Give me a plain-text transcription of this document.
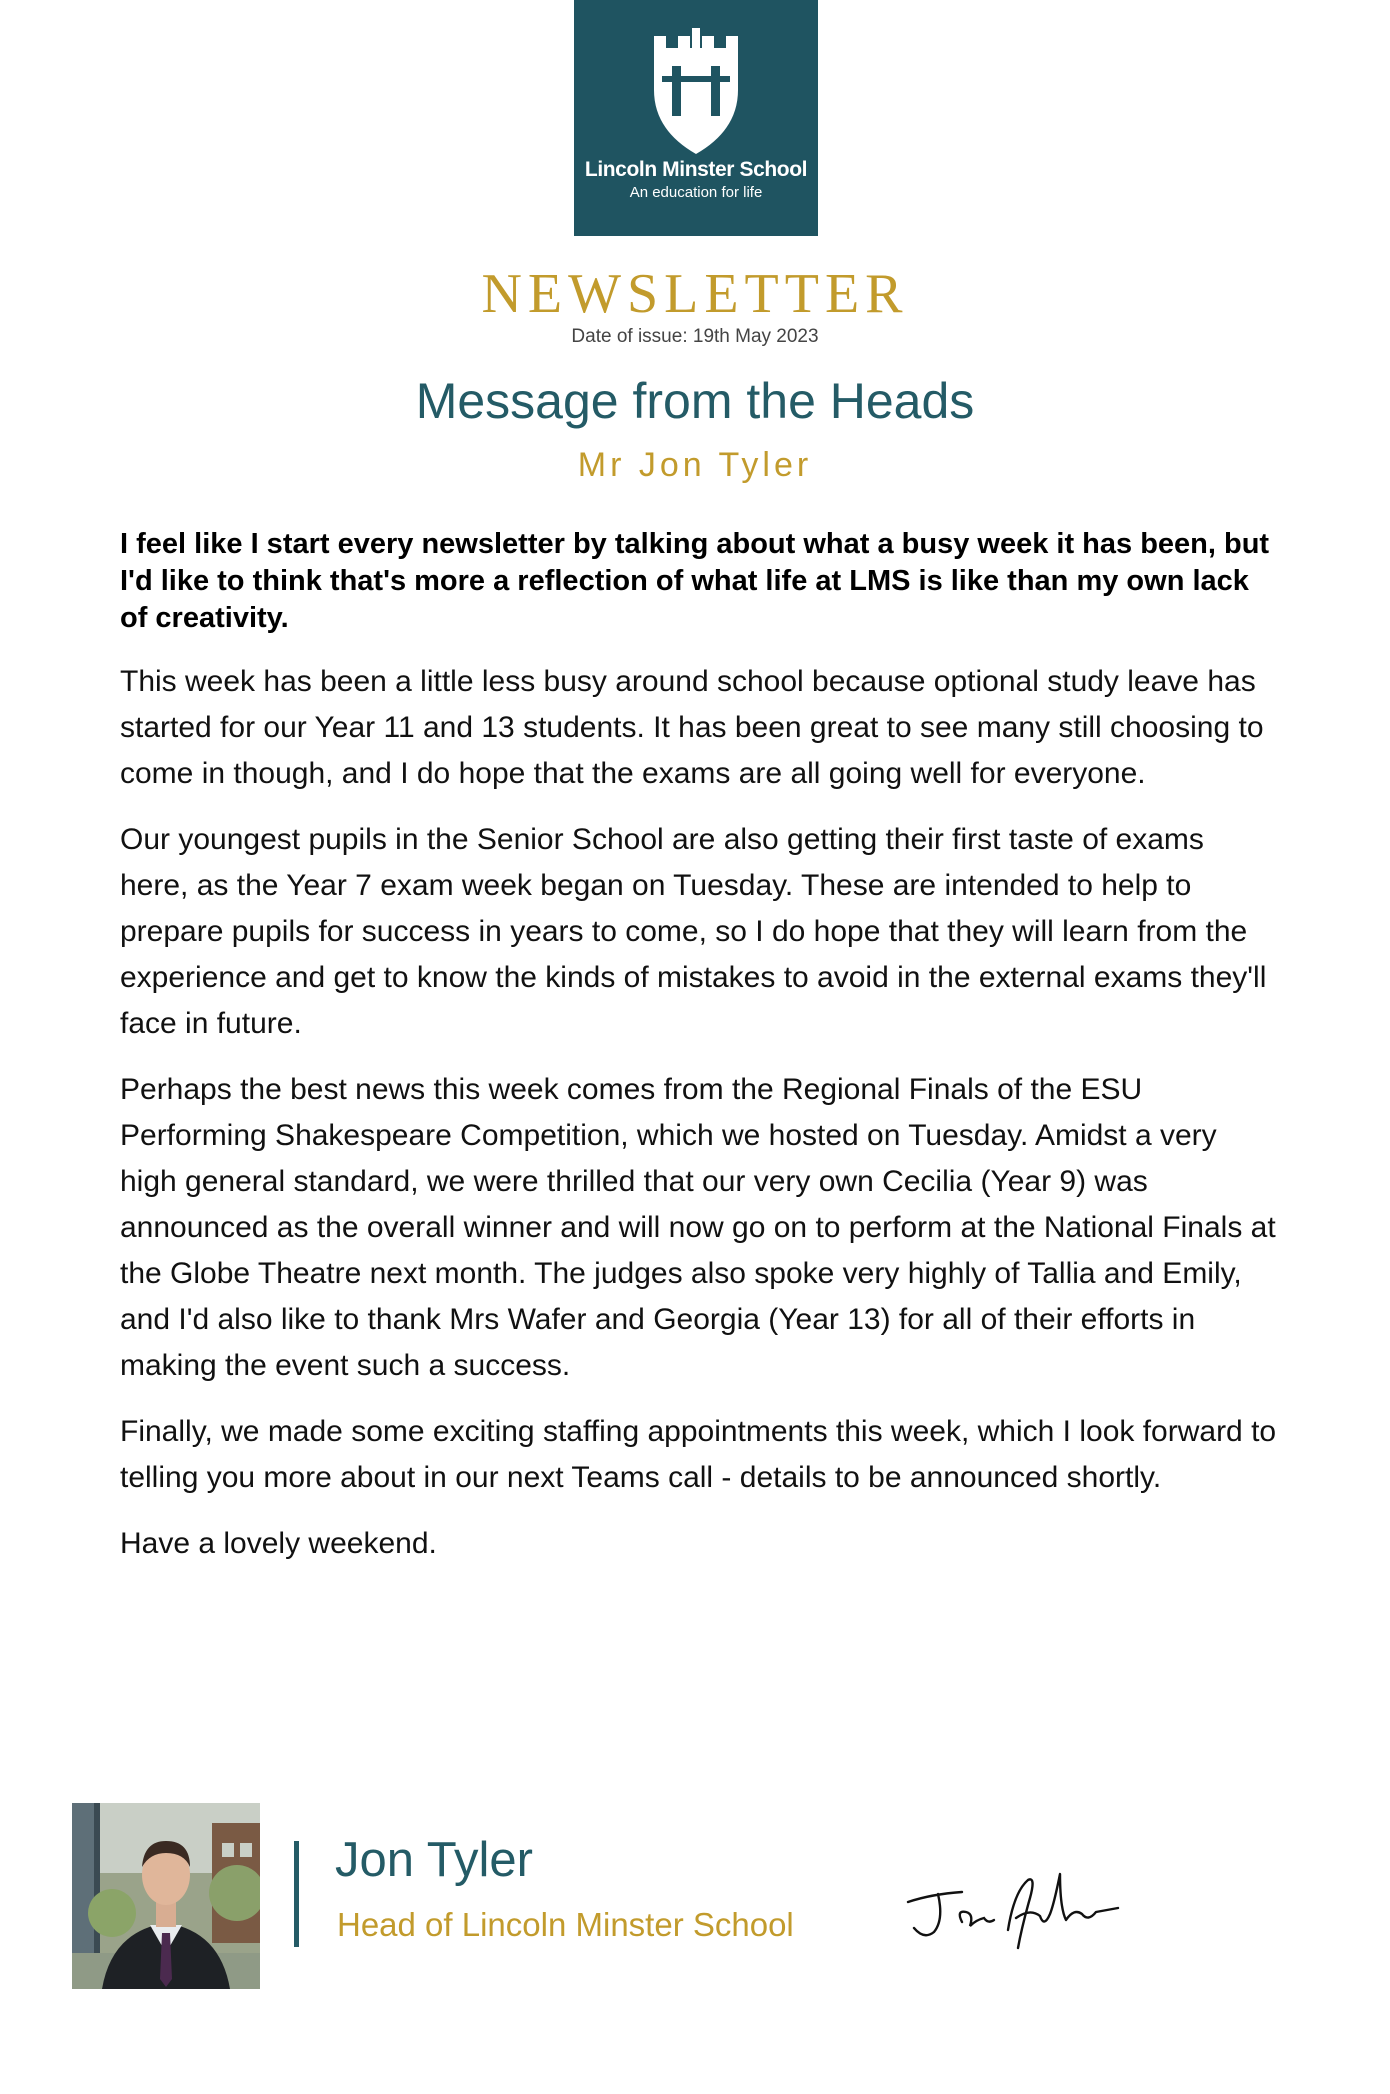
Lincoln Minster School
An education for life
NEWSLETTER
Date of issue: 19th May 2023
Message from the Heads
Mr Jon Tyler

I feel like I start every newsletter by talking about what a busy week it has been, but I'd like to think that's more a reflection of what life at LMS is like than my own lack of creativity.

This week has been a little less busy around school because optional study leave has started for our Year 11 and 13 students. It has been great to see many still choosing to come in though, and I do hope that the exams are all going well for everyone.

Our youngest pupils in the Senior School are also getting their first taste of exams here, as the Year 7 exam week began on Tuesday. These are intended to help to prepare pupils for success in years to come, so I do hope that they will learn from the experience and get to know the kinds of mistakes to avoid in the external exams they'll face in future.

Perhaps the best news this week comes from the Regional Finals of the ESU Performing Shakespeare Competition, which we hosted on Tuesday. Amidst a very high general standard, we were thrilled that our very own Cecilia (Year 9) was announced as the overall winner and will now go on to perform at the National Finals at the Globe Theatre next month. The judges also spoke very highly of Tallia and Emily, and I'd also like to thank Mrs Wafer and Georgia (Year 13) for all of their efforts in making the event such a success.

Finally, we made some exciting staffing appointments this week, which I look forward to telling you more about in our next Teams call - details to be announced shortly.

Have a lovely weekend.

Jon Tyler
Head of Lincoln Minster School
